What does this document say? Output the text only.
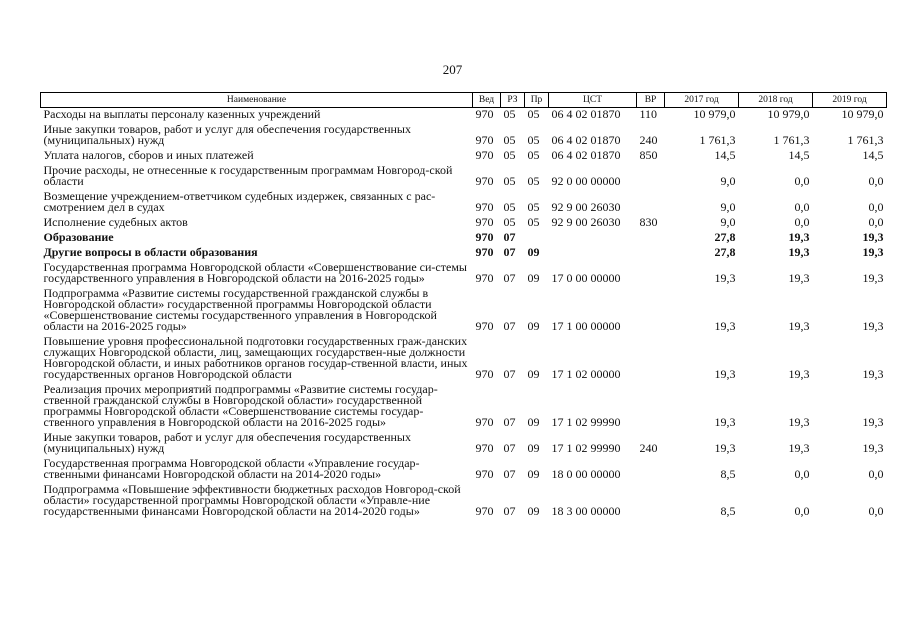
207
Наименование	Вед	РЗ	Пр	ЦСТ	ВР	2017 год	2018 год	2019 год
Расходы на выплаты персоналу казенных учреждений	970	05	05	06 4 02 01870	110	10 979,0	10 979,0	10 979,0
Иные закупки товаров, работ и услуг для обеспечения государственных (муниципальных) нужд	970	05	05	06 4 02 01870	240	1 761,3	1 761,3	1 761,3
Уплата налогов, сборов и иных платежей	970	05	05	06 4 02 01870	850	14,5	14,5	14,5
Прочие расходы, не отнесенные к государственным программам Новгород-ской области	970	05	05	92 0 00 00000		9,0	0,0	0,0
Возмещение учреждением-ответчиком судебных издержек, связанных с рас-смотрением дел в судах	970	05	05	92 9 00 26030		9,0	0,0	0,0
Исполнение судебных актов	970	05	05	92 9 00 26030	830	9,0	0,0	0,0
Образование	970	07				27,8	19,3	19,3
Другие вопросы в области образования	970	07	09			27,8	19,3	19,3
Государственная программа Новгородской области «Совершенствование си-стемы государственного управления в Новгородской области на 2016-2025 годы»	970	07	09	17 0 00 00000		19,3	19,3	19,3
Подпрограмма «Развитие системы государственной гражданской службы в Новгородской области» государственной программы Новгородской области «Совершенствование системы государственного управления в Новгородской области на 2016-2025 годы»	970	07	09	17 1 00 00000		19,3	19,3	19,3
Повышение уровня профессиональной подготовки государственных граж-данских служащих Новгородской области, лиц, замещающих государствен-ные должности Новгородской области, и иных работников органов государ-ственной власти, иных государственных органов Новгородской области	970	07	09	17 1 02 00000		19,3	19,3	19,3
Реализация прочих мероприятий подпрограммы «Развитие системы государ-ственной гражданской службы в Новгородской области» государственной программы Новгородской области «Совершенствование системы государ-ственного управления в Новгородской области на 2016-2025 годы»	970	07	09	17 1 02 99990		19,3	19,3	19,3
Иные закупки товаров, работ и услуг для обеспечения государственных (муниципальных) нужд	970	07	09	17 1 02 99990	240	19,3	19,3	19,3
Государственная программа Новгородской области «Управление государ-ственными финансами Новгородской области на 2014-2020 годы»	970	07	09	18 0 00 00000		8,5	0,0	0,0
Подпрограмма «Повышение эффективности бюджетных расходов Новгород-ской области» государственной программы Новгородской области «Управле-ние государственными финансами Новгородской области на 2014-2020 годы»	970	07	09	18 3 00 00000		8,5	0,0	0,0
